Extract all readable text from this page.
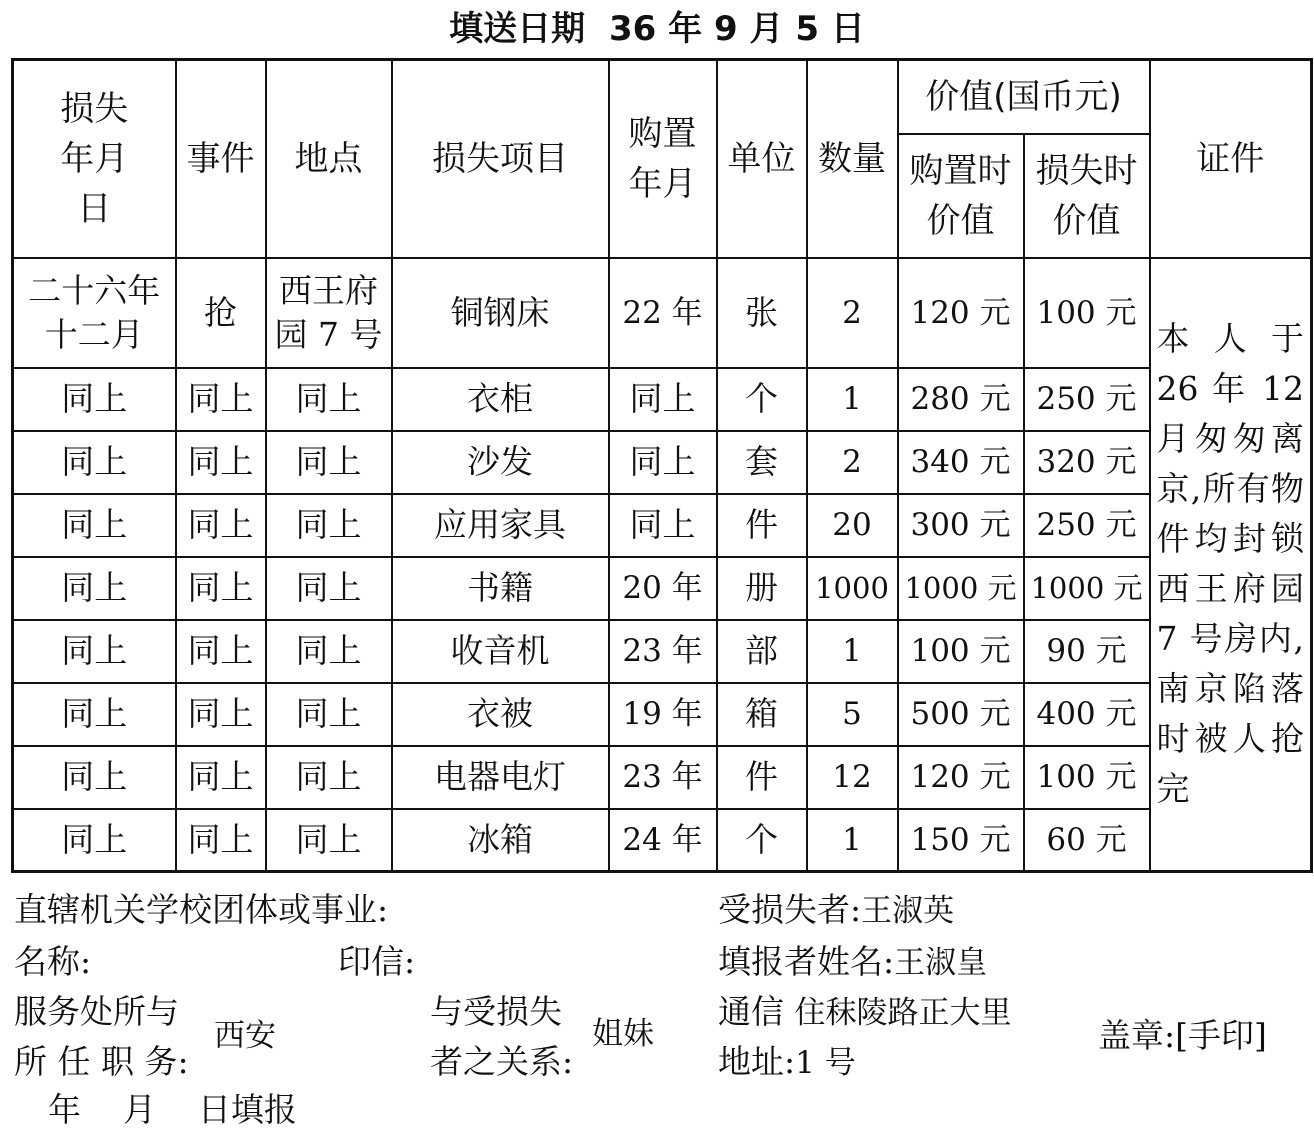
填送日期 36 年 9 月 5 日
损失年月日	事件	地点	损失项目	购置年月	单位	数量	价值(国币元)		证件

							购置时价值	损失时价值	

二十六年十二月	抢	西王府园 7 号	铜钢床	22 年	张	2	120 元	100 元	本人于 26 年 12 月匆匆离京,所有物件均封锁西王府园 7 号房内,南京陷落时被人抢完
同上	同上	同上	衣柜	同上	个	1	280 元	250 元	
同上	同上	同上	沙发	同上	套	2	340 元	320 元	
同上	同上	同上	应用家具	同上	件	20	300 元	250 元	
同上	同上	同上	书籍	20 年	册	1000	1000 元	1000 元	
同上	同上	同上	收音机	23 年	部	1	100 元	90 元	
同上	同上	同上	衣被	19 年	箱	5	500 元	400 元	
同上	同上	同上	电器电灯	23 年	件	12	120 元	100 元	
同上	同上	同上	冰箱	24 年	个	1	150 元	60 元	
直辖机关学校团体或事业:
名称:	印信:
服务处所与
所 任 职 务:
西安
与受损失
者之关系:
姐妹
受损失者:王淑英
填报者姓名:王淑皇
通信 住秣陵路正大里
地址:1 号
盖章:[手印]
年    月    日填报
